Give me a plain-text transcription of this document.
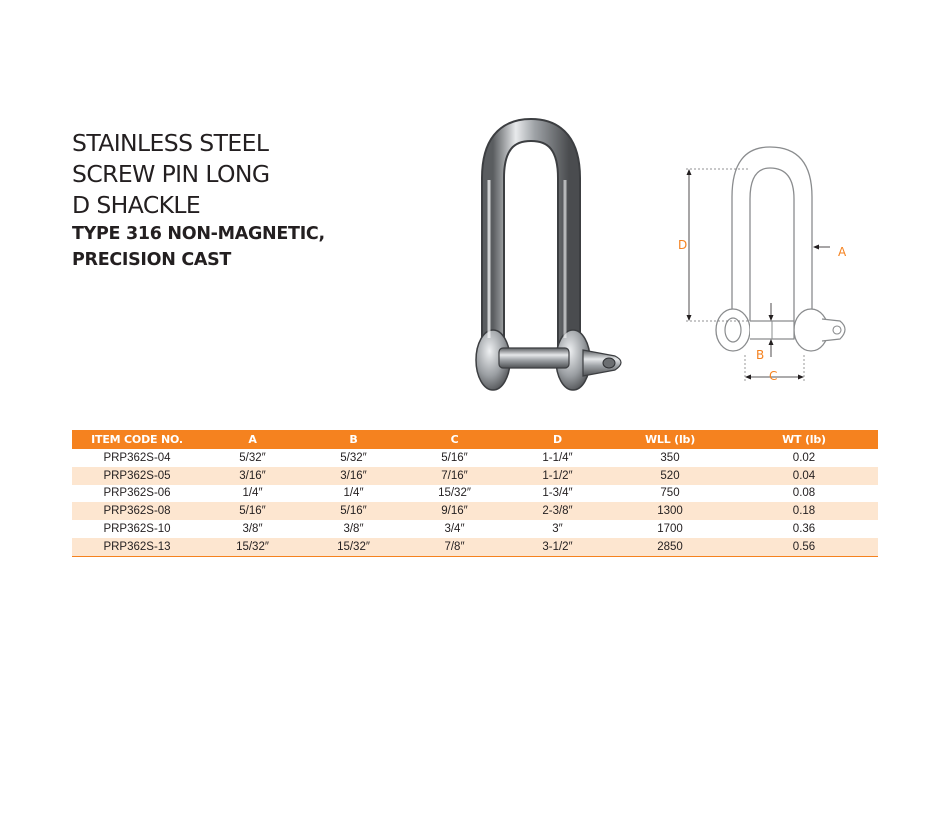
STAINLESS STEEL
SCREW PIN LONG
D SHACKLE
TYPE 316 NON-MAGNETIC,
PRECISION CAST
D	A
B
C
ITEM CODE NO.	A	B	C	D	WLL (lb)	WT (lb)
PRP362S-04	5/32″	5/32″	5/16″	1-1/4″	350	0.02
PRP362S-05	3/16″	3/16″	7/16″	1-1/2″	520	0.04
PRP362S-06	1/4″	1/4″	15/32″	1-3/4″	750	0.08
PRP362S-08	5/16″	5/16″	9/16″	2-3/8″	1300	0.18
PRP362S-10	3/8″	3/8″	3/4″	3″	1700	0.36
PRP362S-13	15/32″	15/32″	7/8″	3-1/2″	2850	0.56
